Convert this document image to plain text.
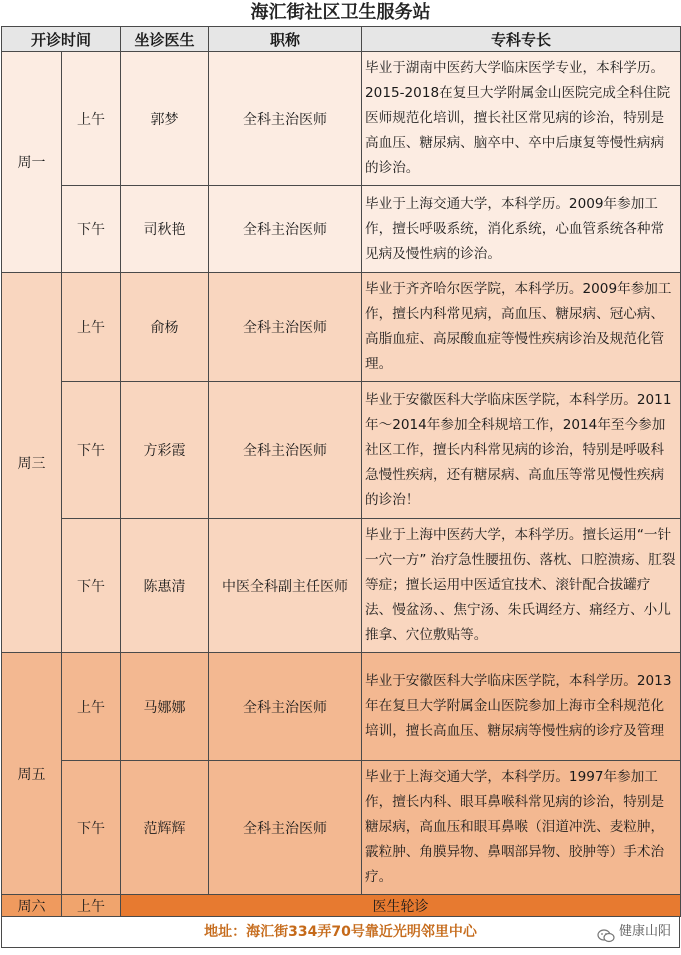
海汇街社区卫生服务站
开诊时间		坐诊医生	职称	专科专长
周一	上午	郭梦	全科主治医师	毕业于湖南中医药大学临床医学专业，本科学历。2015-2018在复旦大学附属金山医院完成全科住院医师规范化培训，擅长社区常见病的诊治，特别是高血压、糖尿病、脑卒中、卒中后康复等慢性病病的诊治。
	下午	司秋艳	全科主治医师	毕业于上海交通大学，本科学历。2009年参加工作，擅长呼吸系统，消化系统，心血管系统各种常见病及慢性病的诊治。
周三	上午	俞杨	全科主治医师	毕业于齐齐哈尔医学院，本科学历。2009年参加工作，擅长内科常见病，高血压、糖尿病、冠心病、高脂血症、高尿酸血症等慢性疾病诊治及规范化管理。
	下午	方彩霞	全科主治医师	毕业于安徽医科大学临床医学院，本科学历。2011年～2014年参加全科规培工作，2014年至今参加社区工作，擅长内科常见病的诊治，特别是呼吸科急慢性疾病，还有糖尿病、高血压等常见慢性疾病的诊治！
	下午	陈惠清	中医全科副主任医师	毕业于上海中医药大学，本科学历。擅长运用“一针一穴一方” 治疗急性腰扭伤、落枕、口腔溃疡、肛裂等症；擅长运用中医适宜技术、滚针配合拔罐疗法、慢盆汤、、焦宁汤、朱氏调经方、痛经方、小儿推拿、穴位敷贴等。
周五	上午	马娜娜	全科主治医师	毕业于安徽医科大学临床医学院，本科学历。2013年在复旦大学附属金山医院参加上海市全科规范化培训，擅长高血压、糖尿病等慢性病的诊疗及管理
	下午	范辉辉	全科主治医师	毕业于上海交通大学，本科学历。1997年参加工作，擅长内科、眼耳鼻喉科常见病的诊治，特别是糖尿病，高血压和眼耳鼻喉（泪道冲洗、麦粒肿，霰粒肿、角膜异物、鼻咽部异物、胶肿等）手术治疗。
周六	上午	医生轮诊		
地址：海汇街334弄70号靠近光明邻里中心	健康山阳
